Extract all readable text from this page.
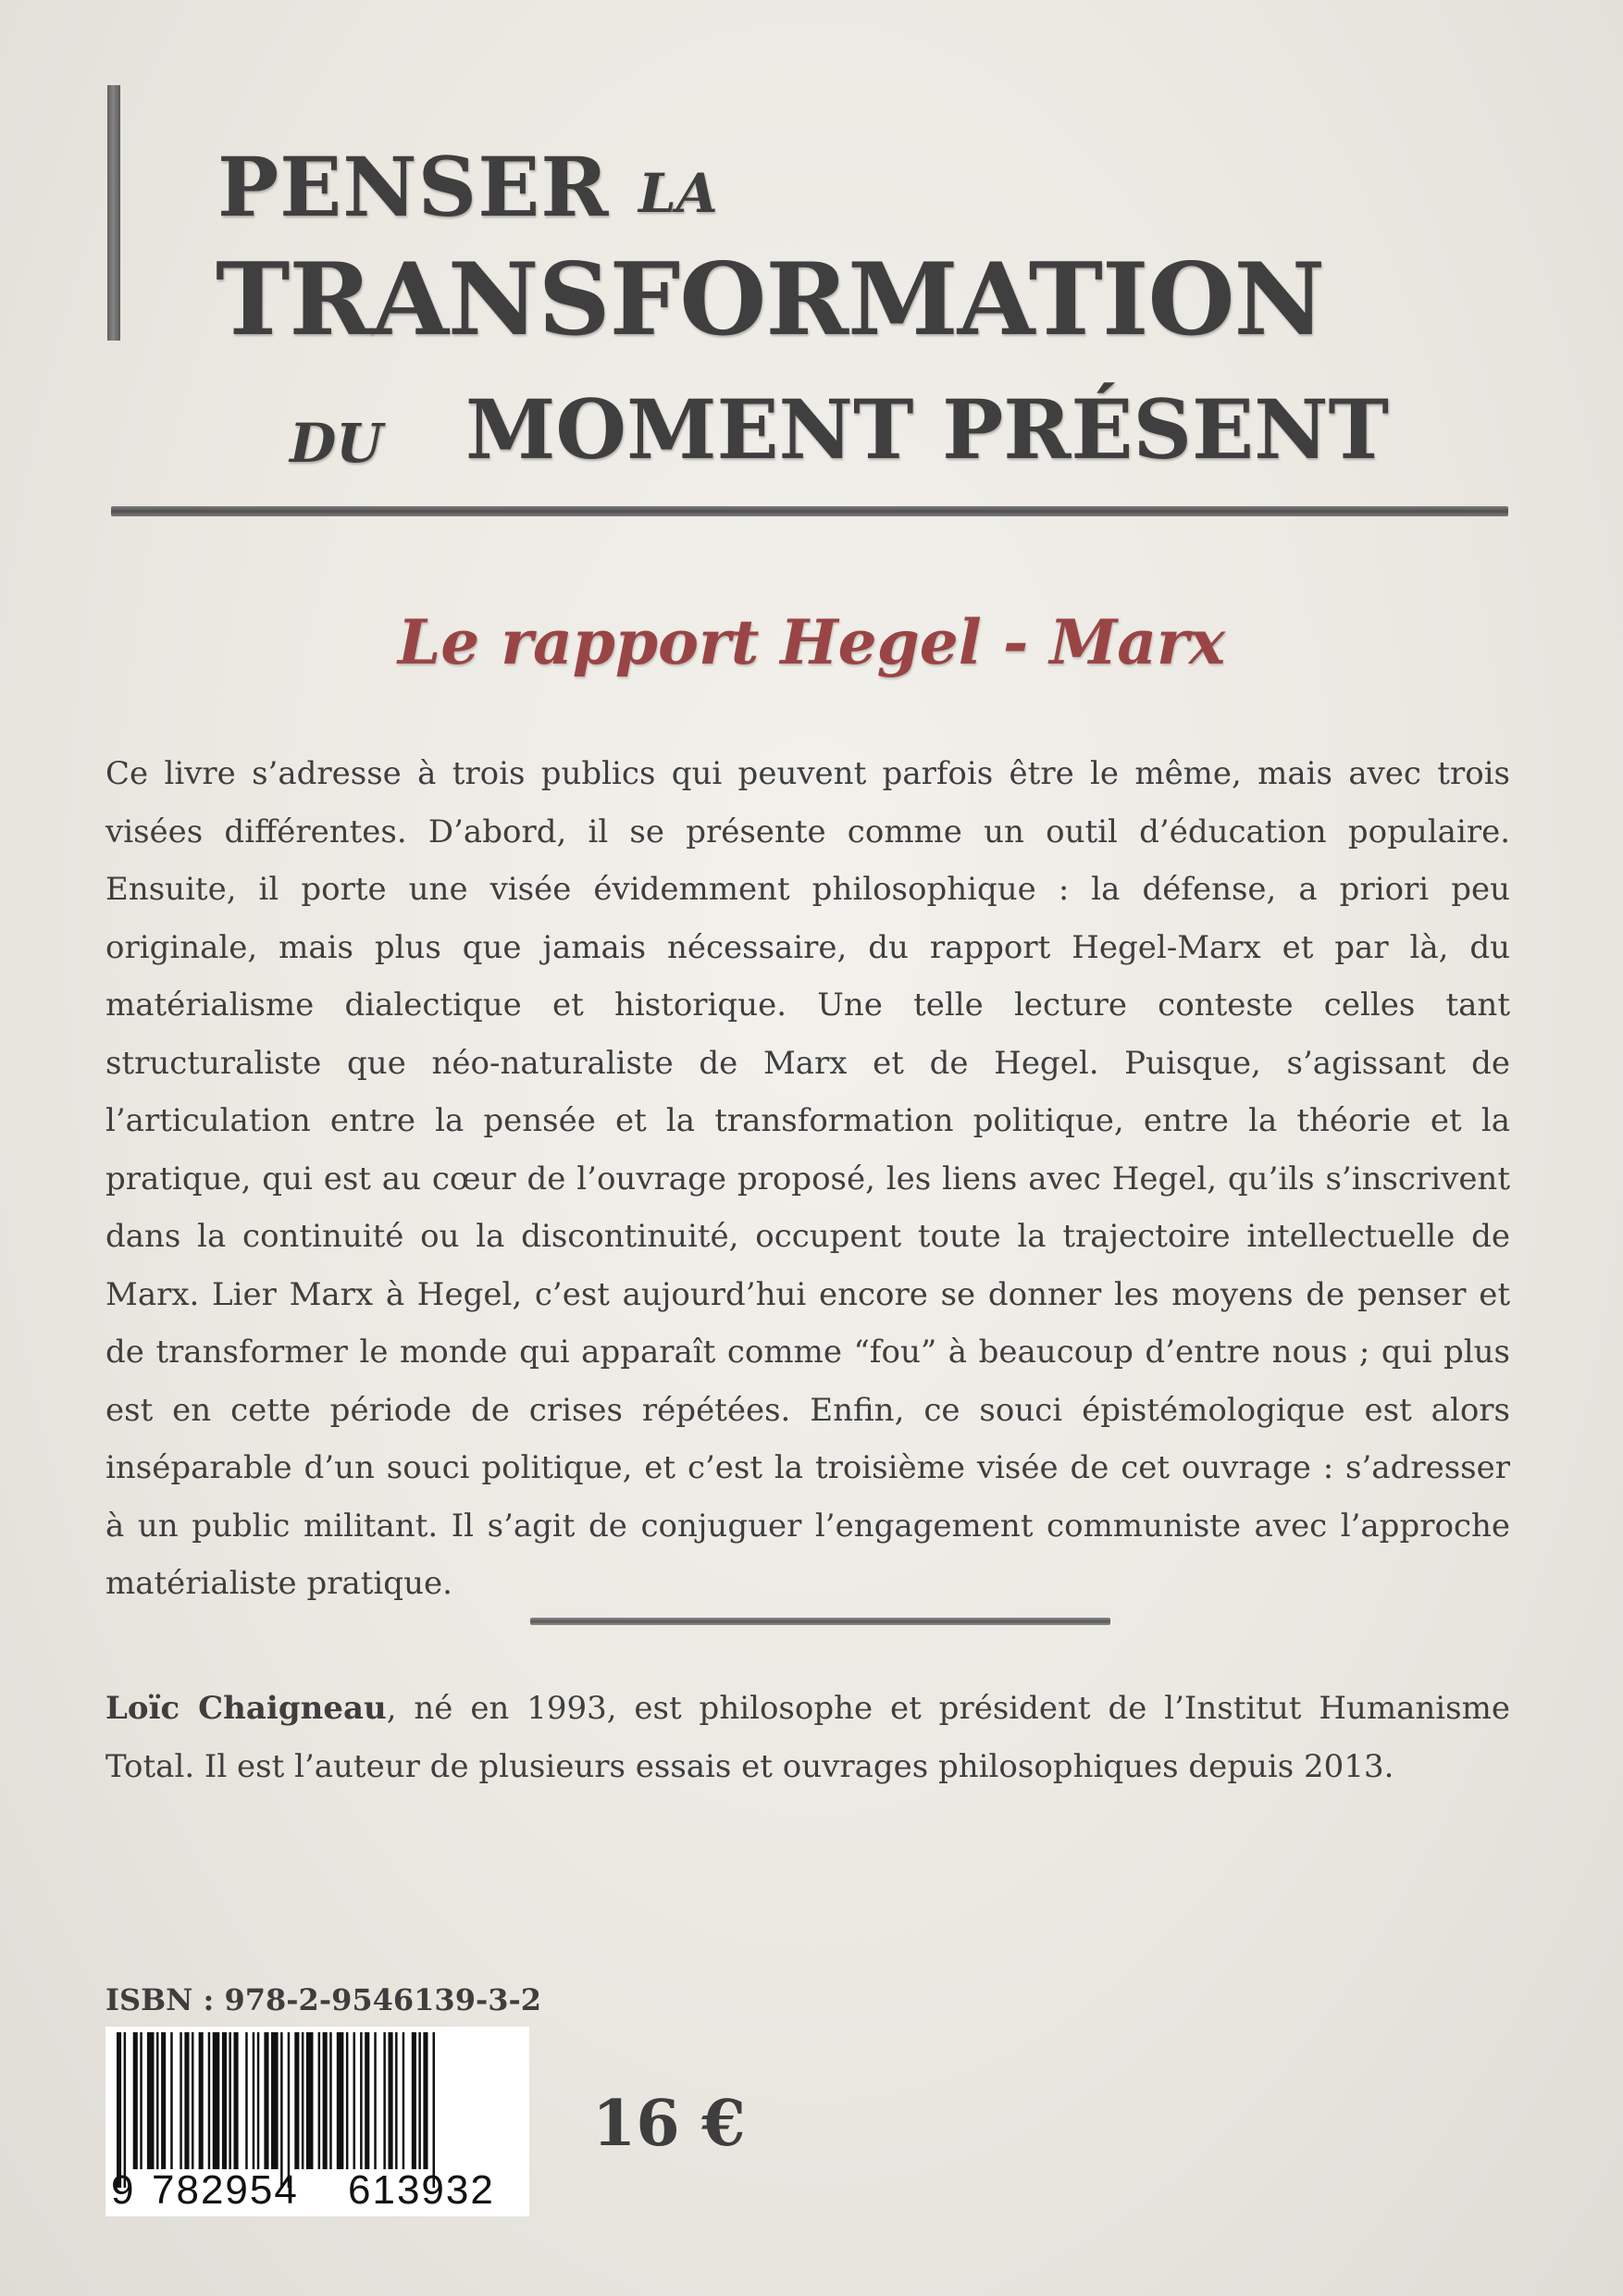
PENSER LA
TRANSFORMATION
DU MOMENT PRÉSENT
Le rapport Hegel - Marx

Ce livre s’adresse à trois publics qui peuvent parfois être le même, mais avec trois visées différentes. D’abord, il se présente comme un outil d’éducation populaire. Ensuite, il porte une visée évidemment philosophique : la défense, a priori peu originale, mais plus que jamais nécessaire, du rapport Hegel-Marx et par là, du matérialisme dialectique et historique. Une telle lecture conteste celles tant structuraliste que néo-naturaliste de Marx et de Hegel. Puisque, s’agissant de l’articulation entre la pensée et la transformation politique, entre la théorie et la pratique, qui est au cœur de l’ouvrage proposé, les liens avec Hegel, qu’ils s’inscrivent dans la continuité ou la discontinuité, occupent toute la trajectoire intellectuelle de Marx. Lier Marx à Hegel, c’est aujourd’hui encore se donner les moyens de penser et de transformer le monde qui apparaît comme “fou” à beaucoup d’entre nous ; qui plus est en cette période de crises répétées. Enfin, ce souci épistémologique est alors inséparable d’un souci politique, et c’est la troisième visée de cet ouvrage : s’adresser à un public militant. Il s’agit de conjuguer l’engagement communiste avec l’approche matérialiste pratique.

Loïc Chaigneau, né en 1993, est philosophe et président de l’Institut Humanisme Total. Il est l’auteur de plusieurs essais et ouvrages philosophiques depuis 2013.

ISBN : 978-2-9546139-3-2
9 782954 613932
16 €
